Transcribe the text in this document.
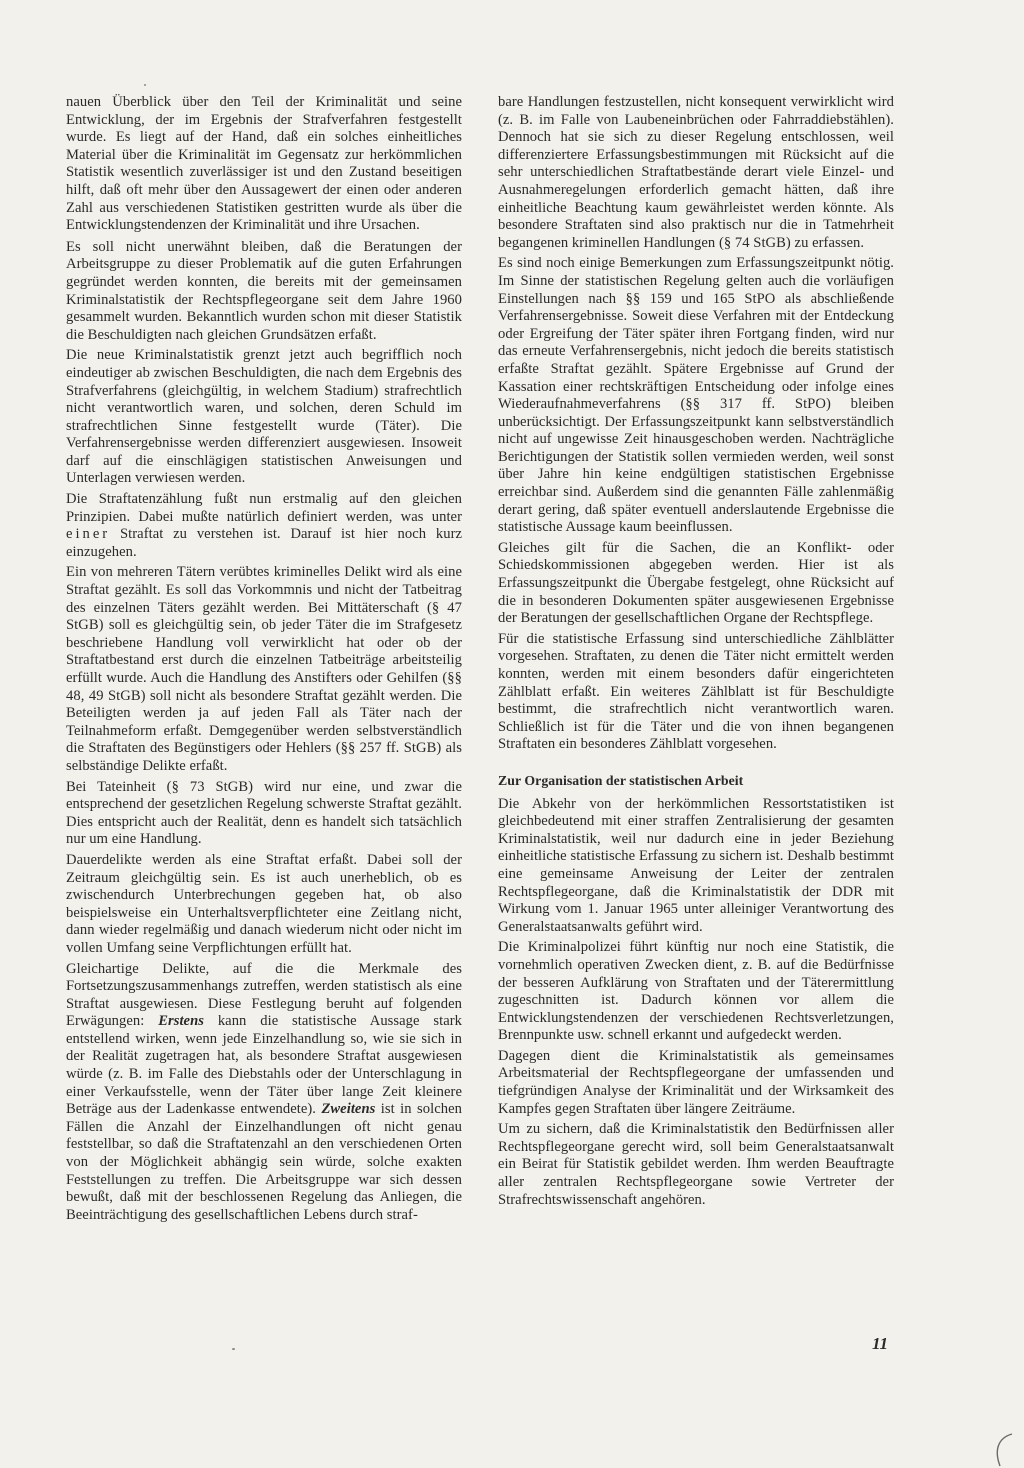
nauen Überblick über den Teil der Kriminalität und seine Entwicklung, der im Ergebnis der Strafverfahren festgestellt wurde. Es liegt auf der Hand, daß ein solches einheitliches Material über die Kriminalität im Gegensatz zur herkömmlichen Statistik wesentlich zuverlässiger ist und den Zustand beseitigen hilft, daß oft mehr über den Aussagewert der einen oder anderen Zahl aus verschiedenen Statistiken gestritten wurde als über die Entwicklungstendenzen der Kriminalität und ihre Ursachen.

Es soll nicht unerwähnt bleiben, daß die Beratungen der Arbeitsgruppe zu dieser Problematik auf die guten Erfahrungen gegründet werden konnten, die bereits mit der gemeinsamen Kriminalstatistik der Rechtspflegeorgane seit dem Jahre 1960 gesammelt wurden. Bekanntlich wurden schon mit dieser Statistik die Beschuldigten nach gleichen Grundsätzen erfaßt.

Die neue Kriminalstatistik grenzt jetzt auch begrifflich noch eindeutiger ab zwischen Beschuldigten, die nach dem Ergebnis des Strafverfahrens (gleichgültig, in welchem Stadium) strafrechtlich nicht verantwortlich waren, und solchen, deren Schuld im strafrechtlichen Sinne festgestellt wurde (Täter). Die Verfahrensergebnisse werden differenziert ausgewiesen. Insoweit darf auf die einschlägigen statistischen Anweisungen und Unterlagen verwiesen werden.

Die Straftatenzählung fußt nun erstmalig auf den gleichen Prinzipien. Dabei mußte natürlich definiert werden, was unter einer Straftat zu verstehen ist. Darauf ist hier noch kurz einzugehen.

Ein von mehreren Tätern verübtes kriminelles Delikt wird als eine Straftat gezählt. Es soll das Vorkommnis und nicht der Tatbeitrag des einzelnen Täters gezählt werden. Bei Mittäterschaft (§ 47 StGB) soll es gleichgültig sein, ob jeder Täter die im Strafgesetz beschriebene Handlung voll verwirklicht hat oder ob der Straftatbestand erst durch die einzelnen Tatbeiträge arbeitsteilig erfüllt wurde. Auch die Handlung des Anstifters oder Gehilfen (§§ 48, 49 StGB) soll nicht als besondere Straftat gezählt werden. Die Beteiligten werden ja auf jeden Fall als Täter nach der Teilnahmeform erfaßt. Demgegenüber werden selbstverständlich die Straftaten des Begünstigers oder Hehlers (§§ 257 ff. StGB) als selbständige Delikte erfaßt.

Bei Tateinheit (§ 73 StGB) wird nur eine, und zwar die entsprechend der gesetzlichen Regelung schwerste Straftat gezählt. Dies entspricht auch der Realität, denn es handelt sich tatsächlich nur um eine Handlung.

Dauerdelikte werden als eine Straftat erfaßt. Dabei soll der Zeitraum gleichgültig sein. Es ist auch unerheblich, ob es zwischendurch Unterbrechungen gegeben hat, ob also beispielsweise ein Unterhaltsverpflichteter eine Zeitlang nicht, dann wieder regelmäßig und danach wiederum nicht oder nicht im vollen Umfang seine Verpflichtungen erfüllt hat.

Gleichartige Delikte, auf die die Merkmale des Fortsetzungszusammenhangs zutreffen, werden statistisch als eine Straftat ausgewiesen. Diese Festlegung beruht auf folgenden Erwägungen: Erstens kann die statistische Aussage stark entstellend wirken, wenn jede Einzelhandlung so, wie sie sich in der Realität zugetragen hat, als besondere Straftat ausgewiesen würde (z. B. im Falle des Diebstahls oder der Unterschlagung in einer Verkaufsstelle, wenn der Täter über lange Zeit kleinere Beträge aus der Ladenkasse entwendete). Zweitens ist in solchen Fällen die Anzahl der Einzelhandlungen oft nicht genau feststellbar, so daß die Straftatenzahl an den verschiedenen Orten von der Möglichkeit abhängig sein würde, solche exakten Feststellungen zu treffen. Die Arbeitsgruppe war sich dessen bewußt, daß mit der beschlossenen Regelung das Anliegen, die Beeinträchtigung des gesellschaftlichen Lebens durch straf-

bare Handlungen festzustellen, nicht konsequent verwirklicht wird (z. B. im Falle von Laubeneinbrüchen oder Fahrraddiebstählen). Dennoch hat sie sich zu dieser Regelung entschlossen, weil differenziertere Erfassungsbestimmungen mit Rücksicht auf die sehr unterschiedlichen Straftatbestände derart viele Einzel- und Ausnahmeregelungen erforderlich gemacht hätten, daß ihre einheitliche Beachtung kaum gewährleistet werden könnte. Als besondere Straftaten sind also praktisch nur die in Tatmehrheit begangenen kriminellen Handlungen (§ 74 StGB) zu erfassen.

Es sind noch einige Bemerkungen zum Erfassungszeitpunkt nötig. Im Sinne der statistischen Regelung gelten auch die vorläufigen Einstellungen nach §§ 159 und 165 StPO als abschließende Verfahrensergebnisse. Soweit diese Verfahren mit der Entdeckung oder Ergreifung der Täter später ihren Fortgang finden, wird nur das erneute Verfahrensergebnis, nicht jedoch die bereits statistisch erfaßte Straftat gezählt. Spätere Ergebnisse auf Grund der Kassation einer rechtskräftigen Entscheidung oder infolge eines Wiederaufnahmeverfahrens (§§ 317 ff. StPO) bleiben unberücksichtigt. Der Erfassungszeitpunkt kann selbstverständlich nicht auf ungewisse Zeit hinausgeschoben werden. Nachträgliche Berichtigungen der Statistik sollen vermieden werden, weil sonst über Jahre hin keine endgültigen statistischen Ergebnisse erreichbar sind. Außerdem sind die genannten Fälle zahlenmäßig derart gering, daß später eventuell anderslautende Ergebnisse die statistische Aussage kaum beeinflussen.

Gleiches gilt für die Sachen, die an Konflikt- oder Schiedskommissionen abgegeben werden. Hier ist als Erfassungszeitpunkt die Übergabe festgelegt, ohne Rücksicht auf die in besonderen Dokumenten später ausgewiesenen Ergebnisse der Beratungen der gesellschaftlichen Organe der Rechtspflege.

Für die statistische Erfassung sind unterschiedliche Zählblätter vorgesehen. Straftaten, zu denen die Täter nicht ermittelt werden konnten, werden mit einem besonders dafür eingerichteten Zählblatt erfaßt. Ein weiteres Zählblatt ist für Beschuldigte bestimmt, die strafrechtlich nicht verantwortlich waren. Schließlich ist für die Täter und die von ihnen begangenen Straftaten ein besonderes Zählblatt vorgesehen.

Zur Organisation der statistischen Arbeit

Die Abkehr von der herkömmlichen Ressortstatistiken ist gleichbedeutend mit einer straffen Zentralisierung der gesamten Kriminalstatistik, weil nur dadurch eine in jeder Beziehung einheitliche statistische Erfassung zu sichern ist. Deshalb bestimmt eine gemeinsame Anweisung der Leiter der zentralen Rechtspflegeorgane, daß die Kriminalstatistik der DDR mit Wirkung vom 1. Januar 1965 unter alleiniger Verantwortung des Generalstaatsanwalts geführt wird.

Die Kriminalpolizei führt künftig nur noch eine Statistik, die vornehmlich operativen Zwecken dient, z. B. auf die Bedürfnisse der besseren Aufklärung von Straftaten und der Täterermittlung zugeschnitten ist. Dadurch können vor allem die Entwicklungstendenzen der verschiedenen Rechtsverletzungen, Brennpunkte usw. schnell erkannt und aufgedeckt werden.

Dagegen dient die Kriminalstatistik als gemeinsames Arbeitsmaterial der Rechtspflegeorgane der umfassenden und tiefgründigen Analyse der Kriminalität und der Wirksamkeit des Kampfes gegen Straftaten über längere Zeiträume.

Um zu sichern, daß die Kriminalstatistik den Bedürfnissen aller Rechtspflegeorgane gerecht wird, soll beim Generalstaatsanwalt ein Beirat für Statistik gebildet werden. Ihm werden Beauftragte aller zentralen Rechtspflegeorgane sowie Vertreter der Strafrechtswissenschaft angehören.

11
